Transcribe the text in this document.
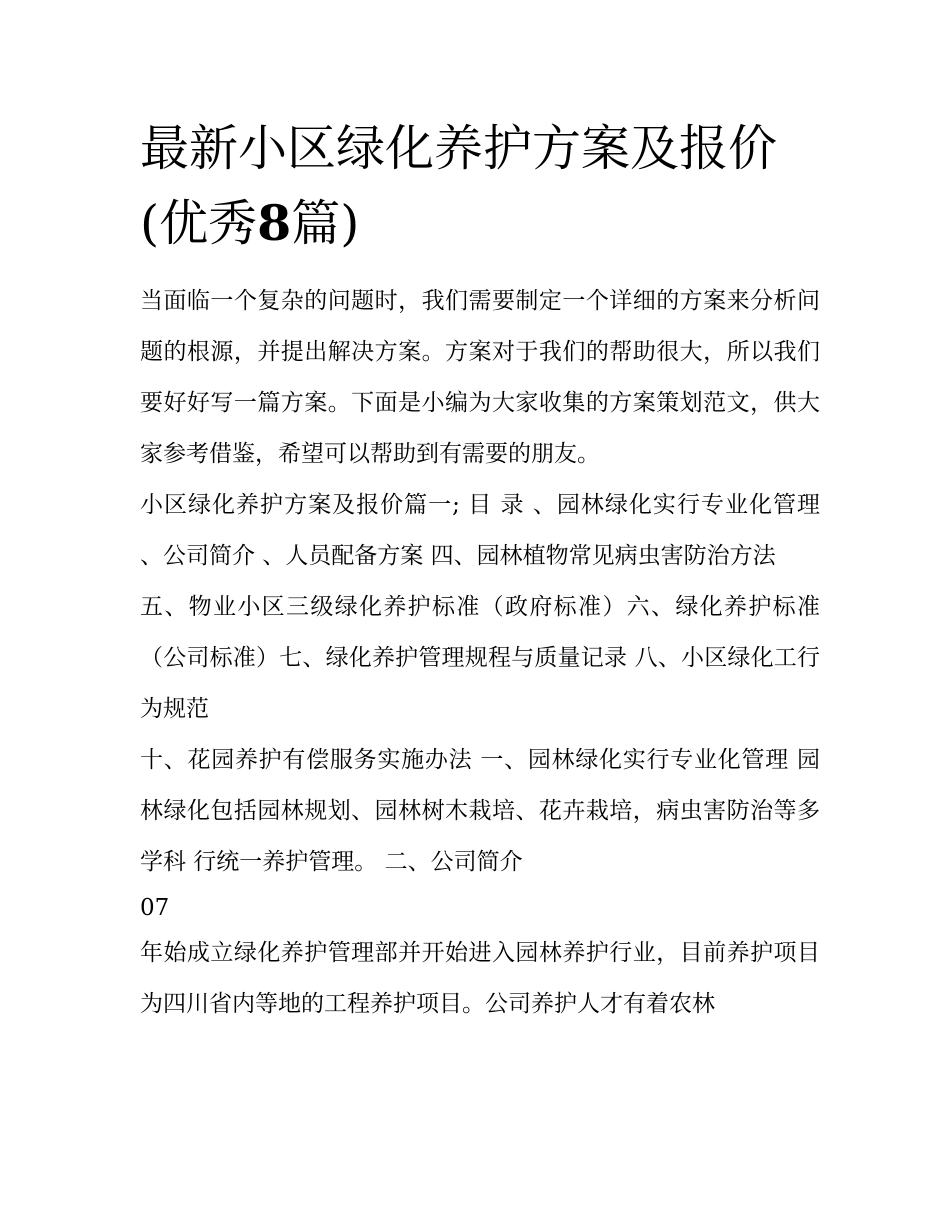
最新小区绿化养护方案及报价
(优秀8篇)

当面临一个复杂的问题时，我们需要制定一个详细的方案来分析问题的根源，并提出解决方案。方案对于我们的帮助很大，所以我们要好好写一篇方案。下面是小编为大家收集的方案策划范文，供大家参考借鉴，希望可以帮助到有需要的朋友。

小区绿化养护方案及报价篇一; 目 录 、园林绿化实行专业化管理 、公司简介 、人员配备方案 四、园林植物常见病虫害防治方法

五、物业小区三级绿化养护标准（政府标准）六、绿化养护标准（公司标准）七、绿化养护管理规程与质量记录 八、小区绿化工行为规范

十、花园养护有偿服务实施办法 一、园林绿化实行专业化管理 园林绿化包括园林规划、园林树木栽培、花卉栽培，病虫害防治等多学科 行统一养护管理。 二、公司简介

07

年始成立绿化养护管理部并开始进入园林养护行业，目前养护项目为四川省内等地的工程养护项目。公司养护人才有着农林
